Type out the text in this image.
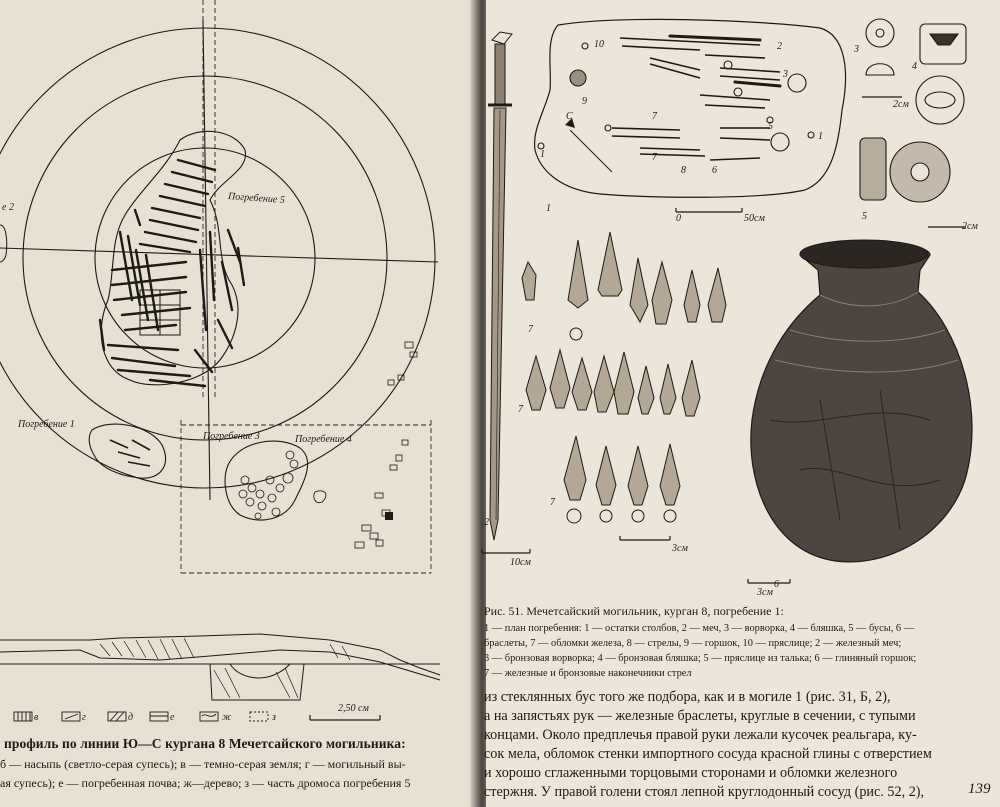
е 2
Погребение 5
Погребение 1
Погребение 3	Погребение 4
2,50 см
в	г	д	е	ж	з
профиль по линии Ю—С кургана 8 Мечетсайского могильника:
б — насыпь (светло-серая супесь); в — темно-серая земля; г — могильный вы-
ая супесь); е — погребенная почва; ж—дерево; з — часть дромоса погребения 5
10
9
2
3
7
7
5
8	6
1
1
С
1
0	50см
3
4
2см
5
2см
7
7
7
3см
6
3см
2
10см
Рис. 51. Мечетсайский могильник, курган 8, погребение 1:
1 — план погребения: 1 — остатки столбов, 2 — меч, 3 — ворворка, 4 — бляшка, 5 — бусы, 6 —
браслеты, 7 — обломки железа, 8 — стрелы, 9 — горшок, 10 — пряслице; 2 — железный меч;
3 — бронзовая ворворка; 4 — бронзовая бляшка; 5 — пряслице из талька; 6 — глиняный горшок;
7 — железные и бронзовые наконечники стрел
из стеклянных бус того же подбора, как и в могиле 1 (рис. 31, Б, 2),
а на запястьях рук — железные браслеты, круглые в сечении, с тупыми
концами. Около предплечья правой руки лежали кусочек реальгара, ку-
сок мела, обломок стенки импортного сосуда красной глины с отверстием
и хорошо сглаженными торцовыми сторонами и обломки железного
стержня. У правой голени стоял лепной круглодонный сосуд (рис. 52, 2),	139
